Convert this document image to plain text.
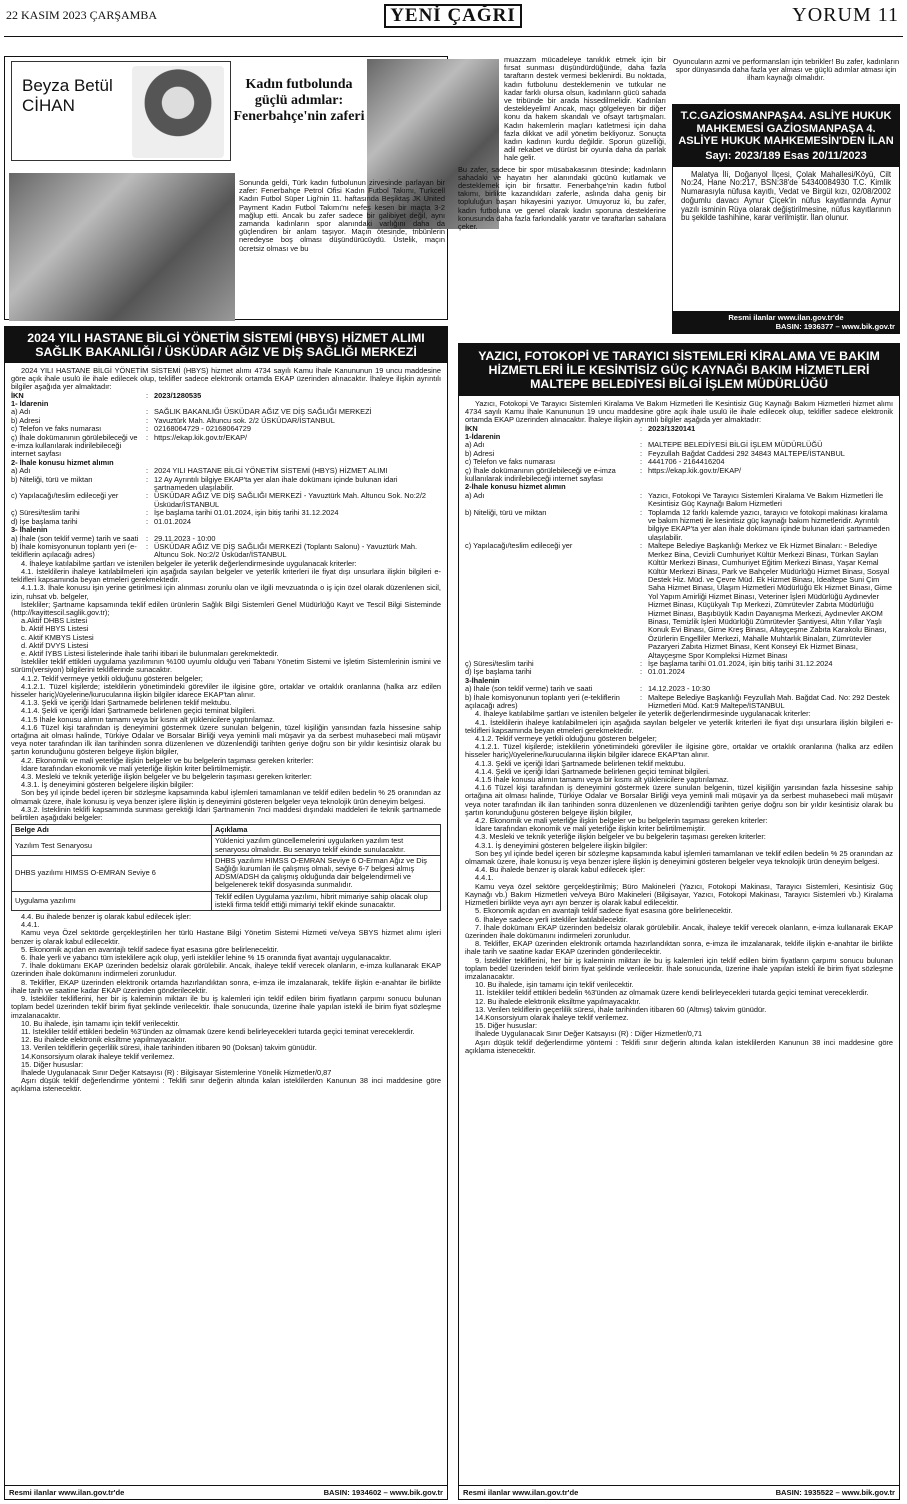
22 KASIM 2023 ÇARŞAMBA	YENİ ÇAĞRI	YORUM 11
Beyza Betül
CİHAN
Kadın futbolunda güçlü adımlar: Fenerbahçe'nin zaferi
Sonunda geldi, Türk kadın futbolunun zirvesinde parlayan bir zafer: Fenerbahçe Petrol Ofisi Kadın Futbol Takımı, Turkcell Kadın Futbol Süper Ligi'nin 11. haftasında Beşiktaş JK United Payment Kadın Futbol Takımı'nı nefes kesen bir maçta 3-2 mağlup etti. Ancak bu zafer sadece bir galibiyet değil, aynı zamanda kadınların spor alanındaki varlığını daha da güçlendiren bir anlam taşıyor. Maçın ötesinde, tribünlerin neredeyse boş olması düşündürücüydü. Üstelik, maçın ücretsiz olması ve bu
muazzam mücadeleye tanıklık etmek için bir fırsat sunması düşündürdüğünde, daha fazla taraftarın destek vermesi beklenirdi. Bu noktada, kadın futbolunu desteklemenin ve tutkular ne kadar farklı olursa olsun, kadınların gücü sahada ve tribünde bir arada hissedilmelidir. Kadınları destekleyelim! Ancak, maçı gölgeleyen bir diğer konu da hakem skandalı ve ofsayt tartışmaları. Kadın hakemlerin maçları katletmesi için daha fazla dikkat ve adil yönetim bekliyoruz. Sonuçta kadın kadının kurdu değildir. Sporun güzelliği, adil rekabet ve dürüst bir oyunla daha da parlak hale gelir.
Bu zafer, sadece bir spor müsabakasının ötesinde; kadınların sahadaki ve hayatın her alanındaki gücünü kutlamak ve desteklemek için bir fırsattır. Fenerbahçe'nin kadın futbol takımı, birlikte kazandıkları zaferle, aslında daha geniş bir topluluğun başarı hikayesini yazıyor. Umuyoruz ki, bu zafer, kadın futboluna ve genel olarak kadın sporuna desteklerine konusunda daha fazla farkındalık yaratır ve taraftarları sahalara çeker.
Oyuncuların azmi ve performansları için tebrikler! Bu zafer, kadınların spor dünyasında daha fazla yer alması ve güçlü adımlar atması için ilham kaynağı olmalıdır.
2024 YILI HASTANE BİLGİ YÖNETİM SİSTEMİ (HBYS) HİZMET ALIMI
SAĞLIK BAKANLIĞI / ÜSKÜDAR AĞIZ VE DİŞ SAĞLIĞI MERKEZİ

2024 YILI HASTANE BİLGİ YÖNETİM SİSTEMİ (HBYS) hizmet alımı 4734 sayılı Kamu İhale Kanununun 19 uncu maddesine göre açık ihale usulü ile ihale edilecek olup, teklifler sadece elektronik ortamda EKAP üzerinden alınacaktır. İhaleye ilişkin ayrıntılı bilgiler aşağıda yer almaktadır:

İKN	: 2023/1280535
1- İdarenin
a) Adı	: SAĞLIK BAKANLIĞI ÜSKÜDAR AĞIZ VE DİŞ SAĞLIĞI MERKEZİ
b) Adresi	: Yavuztürk Mah. Altuncu sok. 2/2 ÜSKÜDAR/İSTANBUL
c) Telefon ve faks numarası	: 02168064729 - 02168064729
ç) İhale dokümanının görülebileceği ve e-imza kullanılarak indirilebileceği internet sayfası
: https://ekap.kik.gov.tr/EKAP/
2- İhale konusu hizmet alımın
a) Adı	: 2024 YILI HASTANE BİLGİ YÖNETİM SİSTEMİ (HBYS) HİZMET ALIMI
b) Niteliği, türü ve miktarı	: 12 Ay Ayrıntılı bilgiye EKAP'ta yer alan ihale dokümanı içinde bulunan idari şartnameden ulaşılabilir.
c) Yapılacağı/teslim edileceği yer	: ÜSKÜDAR AĞIZ VE DİŞ SAĞLIĞI MERKEZİ - Yavuztürk Mah. Altuncu Sok. No:2/2 Üsküdar/İSTANBUL
ç) Süresi/teslim tarihi	: İşe başlama tarihi 01.01.2024, işin bitiş tarihi 31.12.2024
d) İşe başlama tarihi	: 01.01.2024
3- İhalenin
a) İhale (son teklif verme) tarih ve saati	: 29.11.2023 - 10:00
b) İhale komisyonunun toplantı yeri (e-tekliflerin açılacağı adres)
: ÜSKÜDAR AĞIZ VE DİŞ SAĞLIĞI MERKEZİ (Toplantı Salonu) - Yavuztürk Mah. Altuncu Sok. No:2/2 Üsküdar/İSTANBUL

4. İhaleye katılabilme şartları ve istenilen belgeler ile yeterlik değerlendirmesinde uygulanacak kriterler:

4.1. İsteklilerin ihaleye katılabilmeleri için aşağıda sayılan belgeler ve yeterlik kriterleri ile fiyat dışı unsurlara ilişkin bilgileri e-teklifleri kapsamında beyan etmeleri gerekmektedir.

4.1.1.3. İhale konusu işin yerine getirilmesi için alınması zorunlu olan ve ilgili mevzuatında o iş için özel olarak düzenlenen sicil, izin, ruhsat vb. belgeler,

İstekliler; Şartname kapsamında teklif edilen ürünlerin Sağlık Bilgi Sistemleri Genel Müdürlüğü Kayıt ve Tescil Bilgi Sisteminde (http://kayittescil.saglik.gov.tr);

a.Aktif DHBS Listesi

b. Aktif HBYS Listesi

c. Aktif KMBYS Listesi

d. Aktif DVYS Listesi

e. Aktif İYBS Listesi listelerinde ihale tarihi itibari ile bulunmaları gerekmektedir.

İstekliler teklif ettikleri uygulama yazılımının %100 uyumlu olduğu veri Tabanı Yönetim Sistemi ve İşletim Sistemlerinin ismini ve sürüm(versiyon) bilgilerini tekliflerinde sunacaktır.

4.1.2. Teklif vermeye yetkili olduğunu gösteren belgeler;

4.1.2.1. Tüzel kişilerde; isteklilerin yönetimindeki görevliler ile ilgisine göre, ortaklar ve ortaklık oranlarına (halka arz edilen hisseler hariç)/üyelerine/kurucularına ilişkin bilgiler idarece EKAP'tan alınır.

4.1.3. Şekli ve içeriği İdari Şartnamede belirlenen teklif mektubu.

4.1.4. Şekli ve içeriği İdari Şartnamede belirlenen geçici teminat bilgileri.

4.1.5 İhale konusu alımın tamamı veya bir kısmı alt yüklenicilere yaptırılamaz.

4.1.6 Tüzel kişi tarafından iş deneyimini göstermek üzere sunulan belgenin, tüzel kişiliğin yarısından fazla hissesine sahip ortağına ait olması halinde, Türkiye Odalar ve Borsalar Birliği veya yeminli mali müşavir ya da serbest muhasebeci mali müşavir veya noter tarafından ilk ilan tarihinden sonra düzenlenen ve düzenlendiği tarihten geriye doğru son bir yıldır kesintisiz olarak bu şartın korunduğunu gösteren belgeye ilişkin bilgiler,

4.2. Ekonomik ve mali yeterliğe ilişkin belgeler ve bu belgelerin taşıması gereken kriterler:

İdare tarafından ekonomik ve mali yeterliğe ilişkin kriter belirtilmemiştir.

4.3. Mesleki ve teknik yeterliğe ilişkin belgeler ve bu belgelerin taşıması gereken kriterler:

4.3.1. İş deneyimini gösteren belgelere ilişkin bilgiler:

Son beş yıl içinde bedel içeren bir sözleşme kapsamında kabul işlemleri tamamlanan ve teklif edilen bedelin % 25 oranından az olmamak üzere, ihale konusu iş veya benzer işlere ilişkin iş deneyimini gösteren belgeler veya teknolojik ürün deneyim belgesi.

4.3.2. İsteklinin teklifi kapsamında sunması gerektiği İdari Şartnamenin 7nci maddesi dışındaki maddeleri ile teknik şartnamede belirtilen aşağıdaki belgeler:

Belge Adı	Açıklama
Yazılım Test Senaryosu	Yüklenici yazılım güncellemelerini uygularken yazılım test senaryosu olmalıdır. Bu senaryo teklif ekinde sunulacaktır.
DHBS yazılımı HIMSS O-EMRAN Seviye 6	DHBS yazılımı HIMSS O-EMRAN Seviye 6 O-Erman Ağız ve Diş Sağlığı kurumları ile çalışmış olmalı, seviye 6-7 belgesi almış ADSM/ADSH da çalışmış olduğunda dair belgelendirmeli ve belgelenerek teklif dosyasında sunmalıdır.
Uygulama yazılımı	Teklif edilen Uygulama yazılımı, hibrit mimariye sahip olacak olup istekli firma teklif ettiği mimariyi teklif ekinde sunacaktır.

4.4. Bu ihalede benzer iş olarak kabul edilecek işler:

4.4.1.

Kamu veya Özel sektörde gerçekleştirilen her türlü Hastane Bilgi Yönetim Sistemi Hizmeti ve/veya SBYS hizmet alımı işleri benzer iş olarak kabul edilecektir.

5. Ekonomik açıdan en avantajlı teklif sadece fiyat esasına göre belirlenecektir.

6. İhale yerli ve yabancı tüm isteklilere açık olup, yerli istekliler lehine % 15 oranında fiyat avantajı uygulanacaktır.

7. İhale dokümanı EKAP üzerinden bedelsiz olarak görülebilir. Ancak, ihaleye teklif verecek olanların, e-imza kullanarak EKAP üzerinden ihale dokümanını indirmeleri zorunludur.

8. Teklifler, EKAP üzerinden elektronik ortamda hazırlandıktan sonra, e-imza ile imzalanarak, teklife ilişkin e-anahtar ile birlikte ihale tarih ve saatine kadar EKAP üzerinden gönderilecektir.

9. İstekliler tekliflerini, her bir iş kaleminin miktarı ile bu iş kalemleri için teklif edilen birim fiyatların çarpımı sonucu bulunan toplam bedel üzerinden teklif birim fiyat şeklinde verilecektir. İhale sonucunda, üzerine ihale yapılan istekli ile birim fiyat sözleşme imzalanacaktır.

10. Bu ihalede, işin tamamı için teklif verilecektir.

11. İstekliler teklif ettikleri bedelin %3'ünden az olmamak üzere kendi belirleyecekleri tutarda geçici teminat vereceklerdir.

12. Bu ihalede elektronik eksiltme yapılmayacaktır.

13. Verilen tekliflerin geçerlilik süresi, ihale tarihinden itibaren 90 (Doksan) takvim günüdür.

14.Konsorsiyum olarak ihaleye teklif verilemez.

15. Diğer hususlar:

İhalede Uygulanacak Sınır Değer Katsayısı (R) : Bilgisayar Sistemlerine Yönelik Hizmetler/0,87

Aşırı düşük teklif değerlendirme yöntemi : Teklifi sınır değerin altında kalan isteklilerden Kanunun 38 inci maddesine göre açıklama istenecektir.

Resmi ilanlar www.ilan.gov.tr'de	BASIN: 1934602 – www.bik.gov.tr
T.C.GAZİOSMANPAŞA4. ASLİYE HUKUK MAHKEMESİ GAZİOSMANPAŞA 4. ASLİYE HUKUK MAHKEMESİN'DEN İLAN
Sayı: 2023/189 Esas 20/11/2023
Malatya İli, Doğanyol İlçesi, Çolak Mahallesi/Köyü, Cilt No:24, Hane No:217, BSN:38'de 54340084930 T.C. Kimlik Numarasıyla nüfusa kayıtlı, Vedat ve Birgül kızı, 02/08/2002 doğumlu davacı Aynur Çiçek'in nüfus kayıtlarında Aynur yazılı isminin Rüya olarak değiştirilmesine, nüfus kayıtlarının bu şekilde tashihine, karar verilmiştir. İlan olunur.
Resmi ilanlar www.ilan.gov.tr'de
BASIN: 1936377 – www.bik.gov.tr
YAZICI, FOTOKOPİ VE TARAYICI SİSTEMLERİ KİRALAMA VE BAKIM HİZMETLERİ İLE KESİNTİSİZ GÜÇ KAYNAĞI BAKIM HİZMETLERİ
MALTEPE BELEDİYESİ BİLGİ İŞLEM MÜDÜRLÜĞÜ

Yazıcı, Fotokopi Ve Tarayıcı Sistemleri Kiralama Ve Bakım Hizmetleri İle Kesintisiz Güç Kaynağı Bakım Hizmetleri hizmet alımı 4734 sayılı Kamu İhale Kanununun 19 uncu maddesine göre açık ihale usulü ile ihale edilecek olup, teklifler sadece elektronik ortamda EKAP üzerinden alınacaktır. İhaleye ilişkin ayrıntılı bilgiler aşağıda yer almaktadır:

İKN	: 2023/1320141
1-İdarenin
a) Adı	: MALTEPE BELEDİYESİ BİLGİ İŞLEM MÜDÜRLÜĞÜ
b) Adresi	: Feyzullah Bağdat Caddesi 292 34843 MALTEPE/İSTANBUL
c) Telefon ve faks numarası	: 4441706 - 2164416204
ç) İhale dokümanının görülebileceği ve e-imza kullanılarak indirilebileceği internet sayfası
: https://ekap.kik.gov.tr/EKAP/
2-İhale konusu hizmet alımın
a) Adı	: Yazıcı, Fotokopi Ve Tarayıcı Sistemleri Kiralama Ve Bakım Hizmetleri İle Kesintisiz Güç Kaynağı Bakım Hizmetleri
b) Niteliği, türü ve miktarı	: Toplamda 12 farklı kalemde yazıcı, tarayıcı ve fotokopi makinası kiralama ve bakım hizmeti ile kesintisiz güç kaynağı bakım hizmetleridir. Ayrıntılı bilgiye EKAP'ta yer alan ihale dokümanı içinde bulunan idari şartnameden ulaşılabilir.
c) Yapılacağı/teslim edileceği yer	: Maltepe Belediye Başkanlığı Merkez ve Ek Hizmet Binaları: - Belediye Merkez Bina, Cevizli Cumhuriyet Kültür Merkezi Binası, Türkan Saylan Kültür Merkezi Binası, Cumhuriyet Eğitim Merkezi Binası, Yaşar Kemal Kültür Merkezi Binası, Park ve Bahçeler Müdürlüğü Hizmet Binası, Sosyal Destek Hiz. Müd. ve Çevre Müd. Ek Hizmet Binası, İdealtepe Suni Çim Saha Hizmet Binası, Ulaşım Hizmetleri Müdürlüğü Ek Hizmet Binası, Gime Yol Yapım Amirliği Hizmet Binası, Veteriner İşleri Müdürlüğü Aydınevler Hizmet Binası, Küçükyalı Tıp Merkezi, Zümrütevler Zabıta Müdürlüğü Hizmet Binası, Başıbüyük Kadın Dayanışma Merkezi, Aydınevler AKOM Binası, Temizlik İşleri Müdürlüğü Zümrütevler Şantiyesi, Altın Yıllar Yaşlı Konuk Evi Binası, Girne Kreş Binası, Altayçeşme Zabıta Karakolu Binası, Özürlerin Engelliler Merkezi, Mahalle Muhtarlık Binaları, Zümrütevler Pazaryeri Zabıta Hizmet Binası, Kent Konseyi Ek Hizmet Binası, Altayçeşme Spor Kompleksi Hizmet Binası
ç) Süresi/teslim tarihi	: İşe başlama tarihi 01.01.2024, işin bitiş tarihi 31.12.2024
d) İşe başlama tarihi	: 01.01.2024
3-İhalenin
a) İhale (son teklif verme) tarih ve saati	: 14.12.2023 - 10:30
b) İhale komisyonunun toplantı yeri (e-tekliflerin açılacağı adres)
: Maltepe Belediye Başkanlığı Feyzullah Mah. Bağdat Cad. No: 292 Destek Hizmetleri Müd. Kat:9 Maltepe/İSTANBUL

4. İhaleye katılabilme şartları ve istenilen belgeler ile yeterlik değerlendirmesinde uygulanacak kriterler:

4.1. İsteklilerin ihaleye katılabilmeleri için aşağıda sayılan belgeler ve yeterlik kriterleri ile fiyat dışı unsurlara ilişkin bilgileri e-teklifleri kapsamında beyan etmeleri gerekmektedir.

4.1.2. Teklif vermeye yetkili olduğunu gösteren belgeler;

4.1.2.1. Tüzel kişilerde; isteklilerin yönetimindeki görevliler ile ilgisine göre, ortaklar ve ortaklık oranlarına (halka arz edilen hisseler hariç)/üyelerine/kurucularına ilişkin bilgiler idarece EKAP'tan alınır.

4.1.3. Şekli ve içeriği İdari Şartnamede belirlenen teklif mektubu.

4.1.4. Şekli ve içeriği İdari Şartnamede belirlenen geçici teminat bilgileri.

4.1.5 İhale konusu alımın tamamı veya bir kısmı alt yüklenicilere yaptırılamaz.

4.1.6 Tüzel kişi tarafından iş deneyimini göstermek üzere sunulan belgenin, tüzel kişiliğin yarısından fazla hissesine sahip ortağına ait olması halinde, Türkiye Odalar ve Borsalar Birliği veya yeminli mali müşavir ya da serbest muhasebeci mali müşavir veya noter tarafından ilk ilan tarihinden sonra düzenlenen ve düzenlendiği tarihten geriye doğru son bir yıldır kesintisiz olarak bu şartın korunduğunu gösteren belgeye ilişkin bilgiler,

4.2. Ekonomik ve mali yeterliğe ilişkin belgeler ve bu belgelerin taşıması gereken kriterler:

İdare tarafından ekonomik ve mali yeterliğe ilişkin kriter belirtilmemiştir.

4.3. Mesleki ve teknik yeterliğe ilişkin belgeler ve bu belgelerin taşıması gereken kriterler:

4.3.1. İş deneyimini gösteren belgelere ilişkin bilgiler:

Son beş yıl içinde bedel içeren bir sözleşme kapsamında kabul işlemleri tamamlanan ve teklif edilen bedelin % 25 oranından az olmamak üzere, ihale konusu iş veya benzer işlere ilişkin iş deneyimini gösteren belgeler veya teknolojik ürün deneyim belgesi.

4.4. Bu ihalede benzer iş olarak kabul edilecek işler:

4.4.1.

Kamu veya özel sektöre gerçekleştirilmiş; Büro Makineleri (Yazıcı, Fotokopi Makinası, Tarayıcı Sistemleri, Kesintisiz Güç Kaynağı vb.) Bakım Hizmetleri ve/veya Büro Makineleri (Bilgisayar, Yazıcı, Fotokopi Makinası, Tarayıcı Sistemleri vb.) Kiralama Hizmetleri birlikte veya ayrı ayrı benzer iş olarak kabul edilecektir.

5. Ekonomik açıdan en avantajlı teklif sadece fiyat esasına göre belirlenecektir.

6. İhaleye sadece yerli istekliler katılabilecektir.

7. İhale dokümanı EKAP üzerinden bedelsiz olarak görülebilir. Ancak, ihaleye teklif verecek olanların, e-imza kullanarak EKAP üzerinden ihale dokümanını indirmeleri zorunludur.

8. Teklifler, EKAP üzerinden elektronik ortamda hazırlandıktan sonra, e-imza ile imzalanarak, teklife ilişkin e-anahtar ile birlikte ihale tarih ve saatine kadar EKAP üzerinden gönderilecektir.

9. İstekliler tekliflerini, her bir iş kaleminin miktarı ile bu iş kalemleri için teklif edilen birim fiyatların çarpımı sonucu bulunan toplam bedel üzerinden teklif birim fiyat şeklinde verilecektir. İhale sonucunda, üzerine ihale yapılan istekli ile birim fiyat sözleşme imzalanacaktır.

10. Bu ihalede, işin tamamı için teklif verilecektir.

11. İstekliler teklif ettikleri bedelin %3'ünden az olmamak üzere kendi belirleyecekleri tutarda geçici teminat vereceklerdir.

12. Bu ihalede elektronik eksiltme yapılmayacaktır.

13. Verilen tekliflerin geçerlilik süresi, ihale tarihinden itibaren 60 (Altmış) takvim günüdür.

14.Konsorsiyum olarak ihaleye teklif verilemez.

15. Diğer hususlar:

İhalede Uygulanacak Sınır Değer Katsayısı (R) : Diğer Hizmetler/0,71

Aşırı düşük teklif değerlendirme yöntemi : Teklifi sınır değerin altında kalan isteklilerden Kanunun 38 inci maddesine göre açıklama istenecektir.

Resmi ilanlar www.ilan.gov.tr'de	BASIN: 1935522 – www.bik.gov.tr
